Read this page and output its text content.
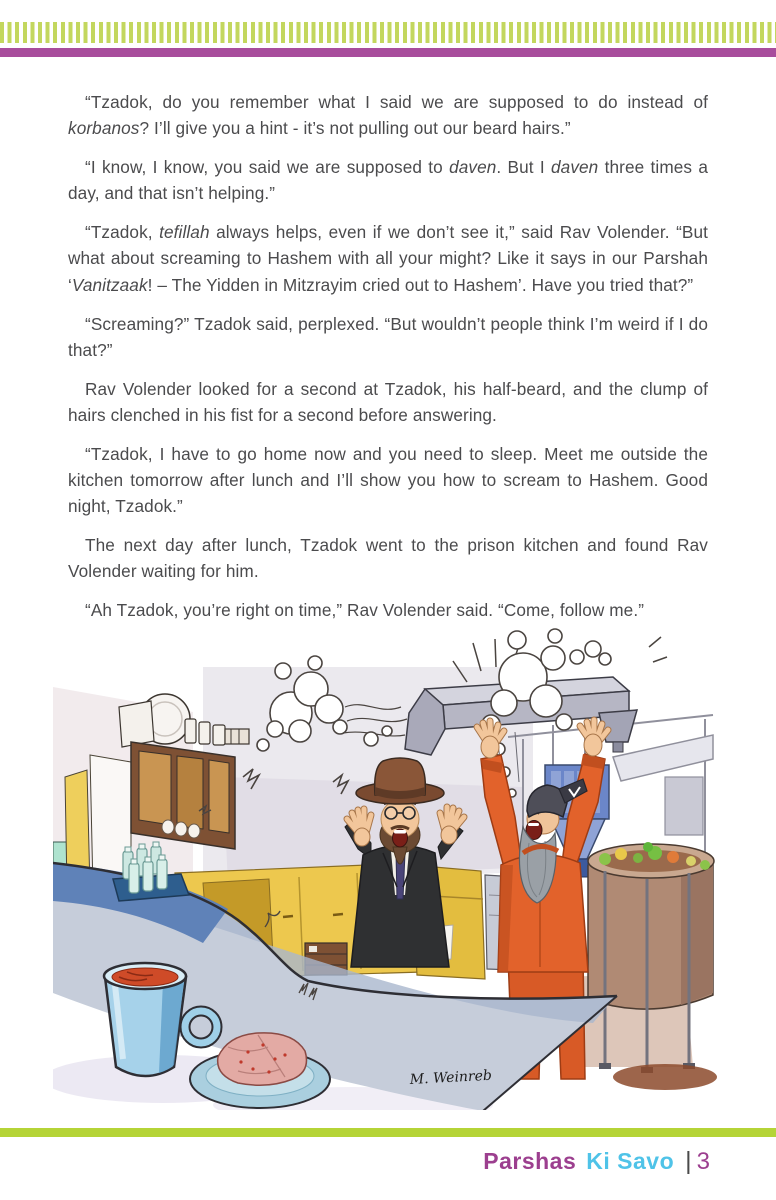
“Tzadok, do you remember what I said we are supposed to do instead of korbanos? I’ll give you a hint - it’s not pulling out our beard hairs.”

“I know, I know, you said we are supposed to daven. But I daven three times a day, and that isn’t helping.”

“Tzadok, tefillah always helps, even if we don’t see it,” said Rav Volender. “But what about screaming to Hashem with all your might? Like it says in our Parshah ‘Vanitzaak! – The Yidden in Mitzrayim cried out to Hashem’. Have you tried that?”

“Screaming?” Tzadok said, perplexed. “But wouldn’t people think I’m weird if I do that?”

Rav Volender looked for a second at Tzadok, his half-beard, and the clump of hairs clenched in his fist for a second before answering.

“Tzadok, I have to go home now and you need to sleep. Meet me outside the kitchen tomorrow after lunch and I’ll show you how to scream to Hashem. Good night, Tzadok.”

The next day after lunch, Tzadok went to the prison kitchen and found Rav Volender waiting for him.

“Ah Tzadok, you’re right on time,” Rav Volender said. “Come, follow me.”

M. Weinreb
Parshas Ki Savo | 3
